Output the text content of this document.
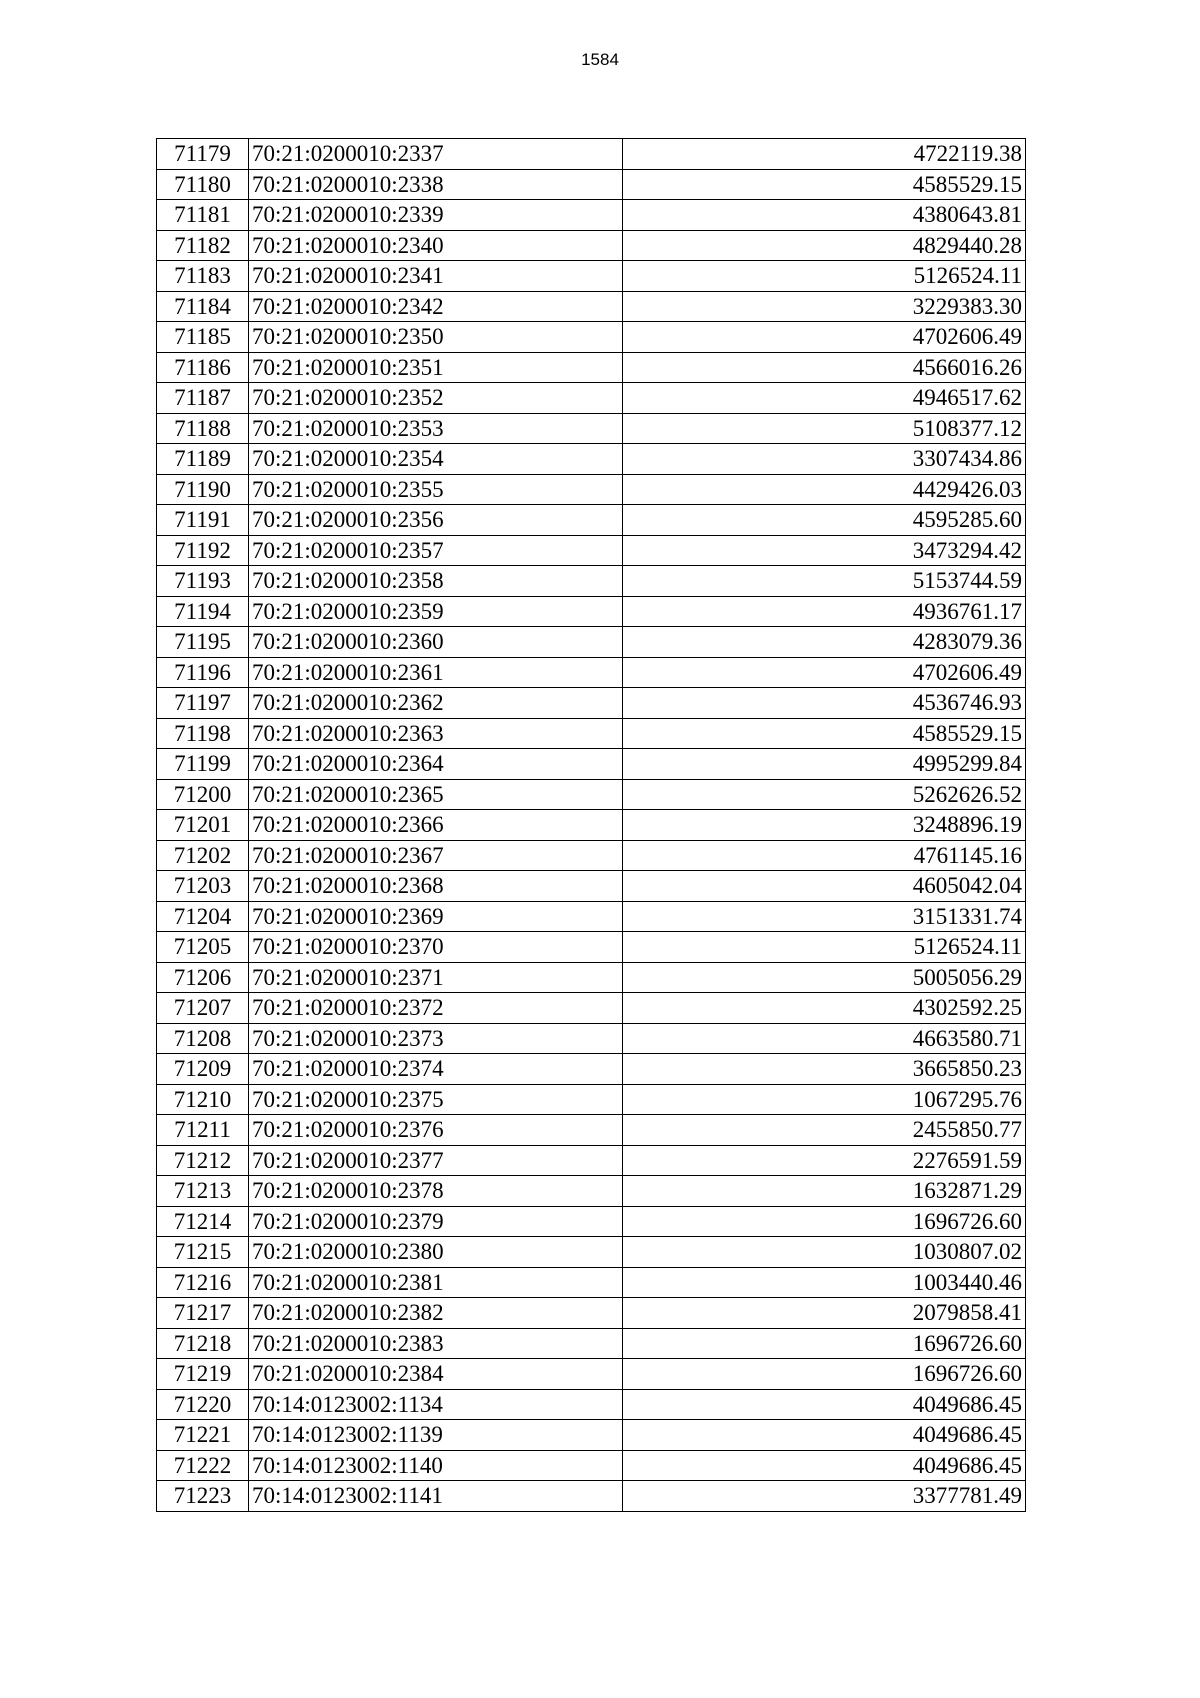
1584
71179	70:21:0200010:2337	4722119.38
71180	70:21:0200010:2338	4585529.15
71181	70:21:0200010:2339	4380643.81
71182	70:21:0200010:2340	4829440.28
71183	70:21:0200010:2341	5126524.11
71184	70:21:0200010:2342	3229383.30
71185	70:21:0200010:2350	4702606.49
71186	70:21:0200010:2351	4566016.26
71187	70:21:0200010:2352	4946517.62
71188	70:21:0200010:2353	5108377.12
71189	70:21:0200010:2354	3307434.86
71190	70:21:0200010:2355	4429426.03
71191	70:21:0200010:2356	4595285.60
71192	70:21:0200010:2357	3473294.42
71193	70:21:0200010:2358	5153744.59
71194	70:21:0200010:2359	4936761.17
71195	70:21:0200010:2360	4283079.36
71196	70:21:0200010:2361	4702606.49
71197	70:21:0200010:2362	4536746.93
71198	70:21:0200010:2363	4585529.15
71199	70:21:0200010:2364	4995299.84
71200	70:21:0200010:2365	5262626.52
71201	70:21:0200010:2366	3248896.19
71202	70:21:0200010:2367	4761145.16
71203	70:21:0200010:2368	4605042.04
71204	70:21:0200010:2369	3151331.74
71205	70:21:0200010:2370	5126524.11
71206	70:21:0200010:2371	5005056.29
71207	70:21:0200010:2372	4302592.25
71208	70:21:0200010:2373	4663580.71
71209	70:21:0200010:2374	3665850.23
71210	70:21:0200010:2375	1067295.76
71211	70:21:0200010:2376	2455850.77
71212	70:21:0200010:2377	2276591.59
71213	70:21:0200010:2378	1632871.29
71214	70:21:0200010:2379	1696726.60
71215	70:21:0200010:2380	1030807.02
71216	70:21:0200010:2381	1003440.46
71217	70:21:0200010:2382	2079858.41
71218	70:21:0200010:2383	1696726.60
71219	70:21:0200010:2384	1696726.60
71220	70:14:0123002:1134	4049686.45
71221	70:14:0123002:1139	4049686.45
71222	70:14:0123002:1140	4049686.45
71223	70:14:0123002:1141	3377781.49
